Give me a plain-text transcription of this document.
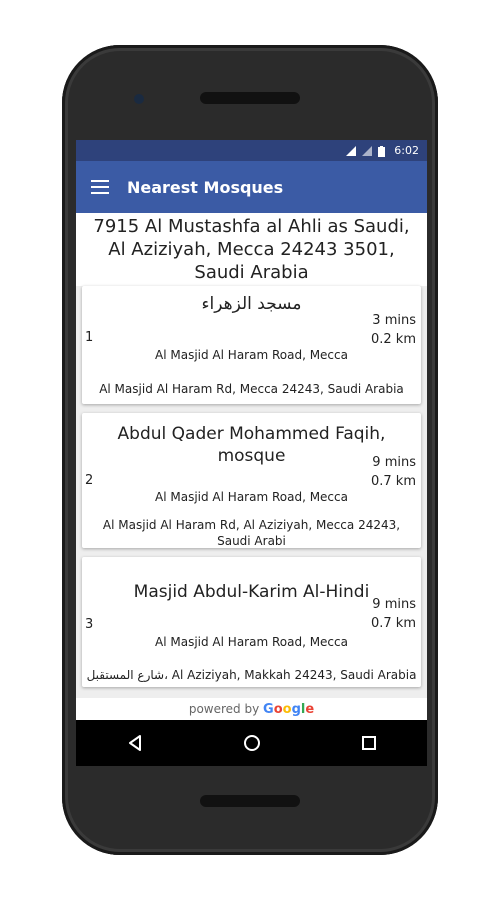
6:02
Nearest Mosques
7915 Al Mustashfa al Ahli as Saudi, Al Aziziyah, Mecca 24243 3501, Saudi Arabia
مسجد الزهراء
3 mins
0.2 km
1
Al Masjid Al Haram Road, Mecca
Al Masjid Al Haram Rd, Mecca 24243, Saudi Arabia
Abdul Qader Mohammed Faqih, mosque	9 mins
0.7 km
2
Al Masjid Al Haram Road, Mecca
Al Masjid Al Haram Rd, Al Aziziyah, Mecca 24243, Saudi Arabi
Masjid Abdul-Karim Al-Hindi
9 mins
0.7 km
3
Al Masjid Al Haram Road, Mecca
شارع المستقبل، Al Aziziyah, Makkah 24243, Saudi Arabia
powered by Google
